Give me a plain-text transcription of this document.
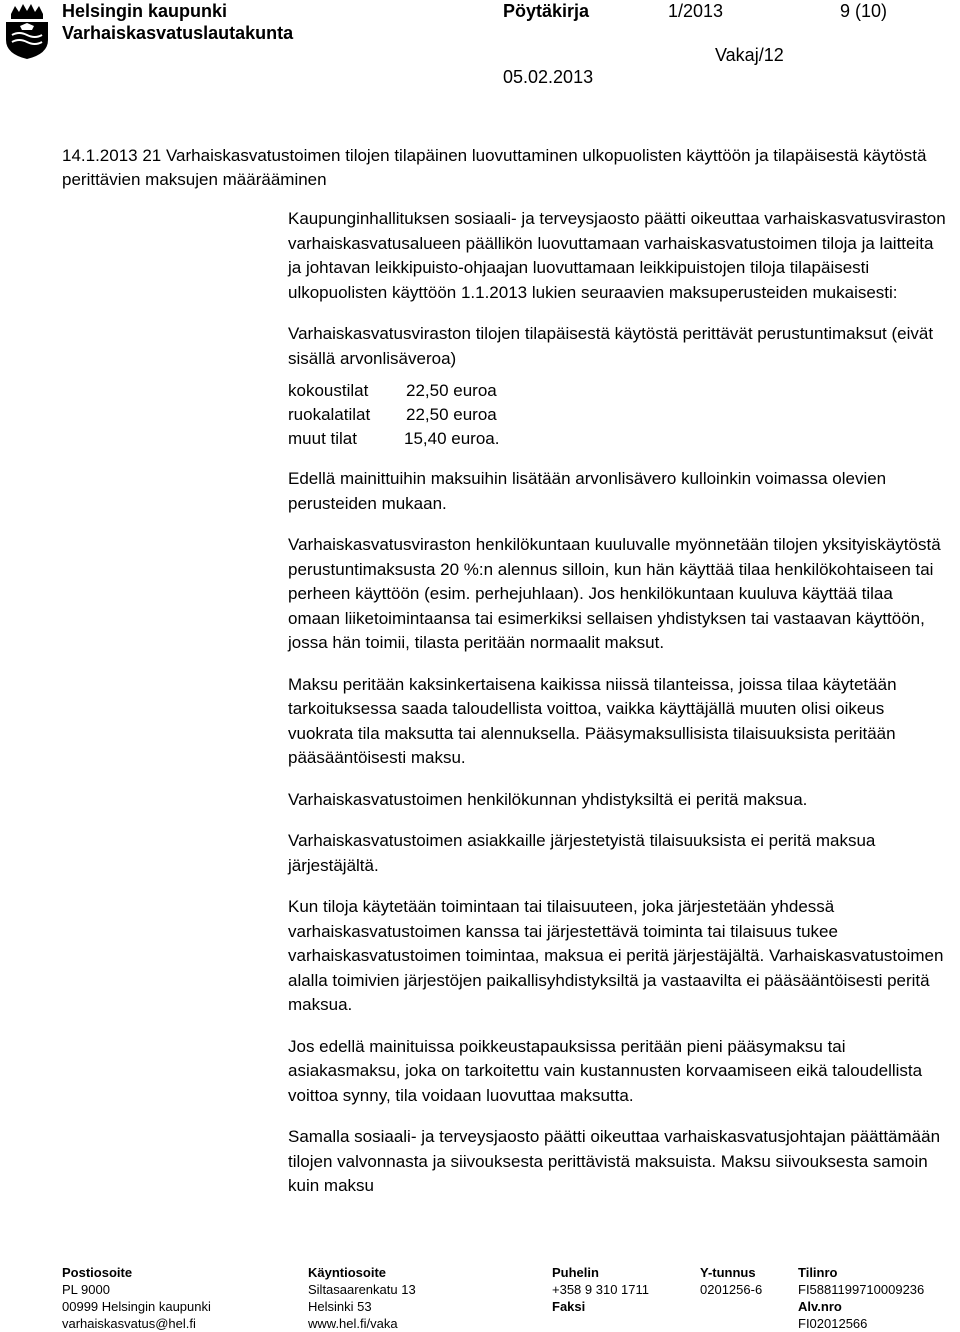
Helsingin kaupunki
Varhaiskasvatuslautakunta
Pöytäkirja	1/2013	9 (10)
Vakaj/12
05.02.2013
14.1.2013 21 Varhaiskasvatustoimen tilojen tilapäinen luovuttaminen ulkopuolisten käyttöön ja tilapäisestä käytöstä perittävien maksujen määrääminen

Kaupunginhallituksen sosiaali- ja terveysjaosto päätti oikeuttaa varhaiskasvatusviraston varhaiskasvatusalueen päällikön luovuttamaan varhaiskasvatustoimen tiloja ja laitteita ja johtavan leikkipuisto-ohjaajan luovuttamaan leikkipuistojen tiloja tilapäisesti ulkopuolisten käyttöön 1.1.2013 lukien seuraavien maksuperusteiden mukaisesti:

Varhaiskasvatusviraston tilojen tilapäisestä käytöstä perittävät perustuntimaksut (eivät sisällä arvonlisäveroa)

kokoustilat	22,50 euroa
ruokalatilat	22,50 euroa
muut tilat	15,40 euroa.

Edellä mainittuihin maksuihin lisätään arvonlisävero kulloinkin voimassa olevien perusteiden mukaan.

Varhaiskasvatusviraston henkilökuntaan kuuluvalle myönnetään tilojen yksityiskäytöstä perustuntimaksusta 20 %:n alennus silloin, kun hän käyttää tilaa henkilökohtaiseen tai perheen käyttöön (esim. perhejuhlaan). Jos henkilökuntaan kuuluva käyttää tilaa omaan liiketoimintaansa tai esimerkiksi sellaisen yhdistyksen tai vastaavan käyttöön, jossa hän toimii, tilasta peritään normaalit maksut.

Maksu peritään kaksinkertaisena kaikissa niissä tilanteissa, joissa tilaa käytetään tarkoituksessa saada taloudellista voittoa, vaikka käyttäjällä muuten olisi oikeus vuokrata tila maksutta tai alennuksella. Pääsymaksullisista tilaisuuksista peritään pääsääntöisesti maksu.

Varhaiskasvatustoimen henkilökunnan yhdistyksiltä ei peritä maksua.

Varhaiskasvatustoimen asiakkaille järjestetyistä tilaisuuksista ei peritä maksua järjestäjältä.

Kun tiloja käytetään toimintaan tai tilaisuuteen, joka järjestetään yhdessä varhaiskasvatustoimen kanssa tai järjestettävä toiminta tai tilaisuus tukee varhaiskasvatustoimen toimintaa, maksua ei peritä järjestäjältä. Varhaiskasvatustoimen alalla toimivien järjestöjen paikallisyhdistyksiltä ja vastaavilta ei pääsääntöisesti peritä maksua.

Jos edellä mainituissa poikkeustapauksissa peritään pieni pääsymaksu tai asiakasmaksu, joka on tarkoitettu vain kustannusten korvaamiseen eikä taloudellista voittoa synny, tila voidaan luovuttaa maksutta.

Samalla sosiaali- ja terveysjaosto päätti oikeuttaa varhaiskasvatusjohtajan päättämään tilojen valvonnasta ja siivouksesta perittävistä maksuista. Maksu siivouksesta samoin kuin maksu

Postiosoite
PL 9000
00999 Helsingin kaupunki
varhaiskasvatus@hel.fi
Käyntiosoite
Siltasaarenkatu 13
Helsinki 53
www.hel.fi/vaka
Puhelin
+358 9 310 1711
Faksi
Y-tunnus
0201256-6
Tilinro
FI5881199710009236
Alv.nro
FI02012566
